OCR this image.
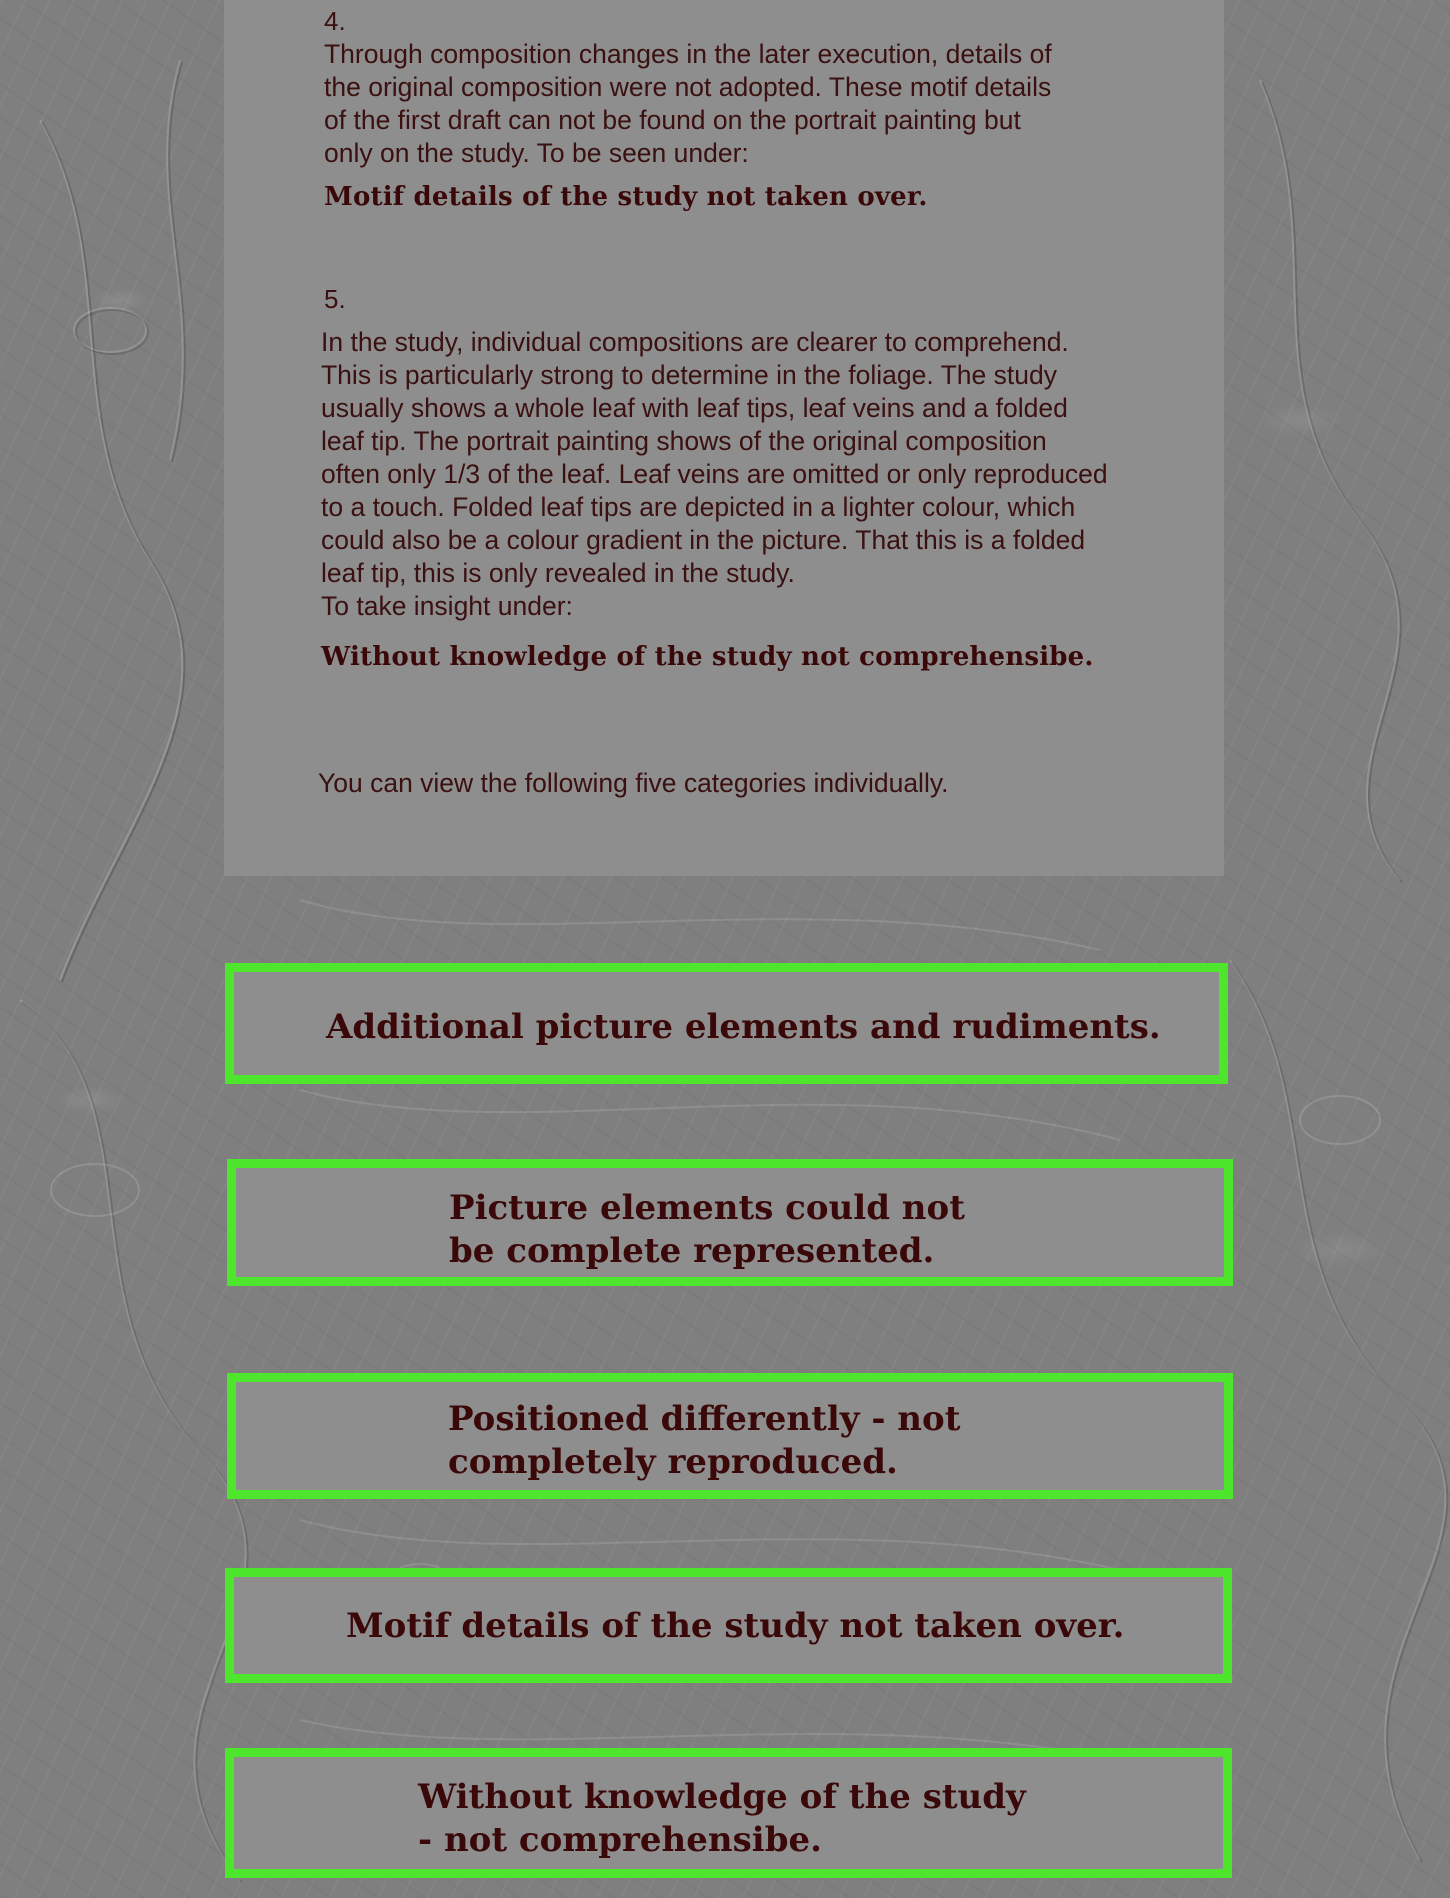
4.

Through composition changes in the later execution, details of
the original composition were not adopted. These motif details
of the first draft can not be found on the portrait painting but
only on the study. To be seen under:

Motif details of the study not taken over.
5.

In the study, individual compositions are clearer to comprehend.
This is particularly strong to determine in the foliage. The study
usually shows a whole leaf with leaf tips, leaf veins and a folded
leaf tip. The portrait painting shows of the original composition
often only 1/3 of the leaf. Leaf veins are omitted or only reproduced
to a touch. Folded leaf tips are depicted in a lighter colour, which
could also be a colour gradient in the picture. That this is a folded
leaf tip, this is only revealed in the study.
To take insight under:

Without knowledge of the study not comprehensibe.

You can view the following five categories individually.

Additional picture elements and rudiments.
Picture elements could not
be complete represented.
Positioned differently - not
completely reproduced.
Motif details of the study not taken over.
Without knowledge of the study
- not comprehensibe.
